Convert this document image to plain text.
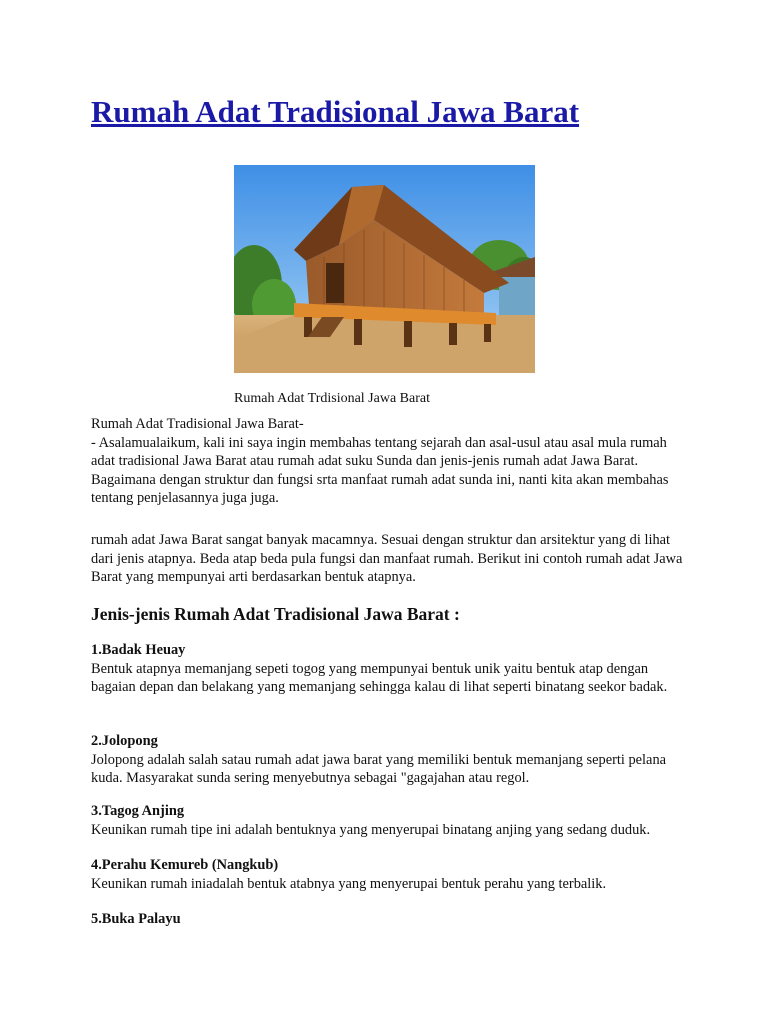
Rumah Adat Tradisional Jawa Barat
Rumah Adat Trdisional Jawa Barat

Rumah Adat Tradisional Jawa Barat-

- Asalamualaikum, kali ini saya ingin membahas tentang sejarah dan asal-usul atau asal mula rumah adat tradisional Jawa Barat atau rumah adat suku Sunda dan jenis-jenis rumah adat Jawa Barat. Bagaimana dengan struktur dan fungsi srta manfaat rumah adat sunda ini, nanti kita akan membahas tentang penjelasannya juga juga.

rumah adat Jawa Barat sangat banyak macamnya. Sesuai dengan struktur dan arsitektur yang di lihat dari jenis atapnya. Beda atap beda pula fungsi dan manfaat rumah. Berikut ini contoh rumah adat Jawa Barat yang mempunyai arti berdasarkan bentuk atapnya.

Jenis-jenis Rumah Adat Tradisional Jawa Barat :

1.Badak Heuay

Bentuk atapnya memanjang sepeti togog yang mempunyai bentuk unik yaitu bentuk atap dengan bagaian depan dan belakang yang memanjang sehingga kalau di lihat seperti binatang seekor badak.

2.Jolopong

Jolopong adalah salah satau rumah adat jawa barat yang memiliki bentuk memanjang seperti pelana kuda. Masyarakat sunda sering menyebutnya sebagai "gagajahan atau regol.

3.Tagog Anjing

Keunikan rumah tipe ini adalah bentuknya yang menyerupai binatang anjing yang sedang duduk.

4.Perahu Kemureb (Nangkub)

Keunikan rumah iniadalah bentuk atabnya yang menyerupai bentuk perahu yang terbalik.

5.Buka Palayu
